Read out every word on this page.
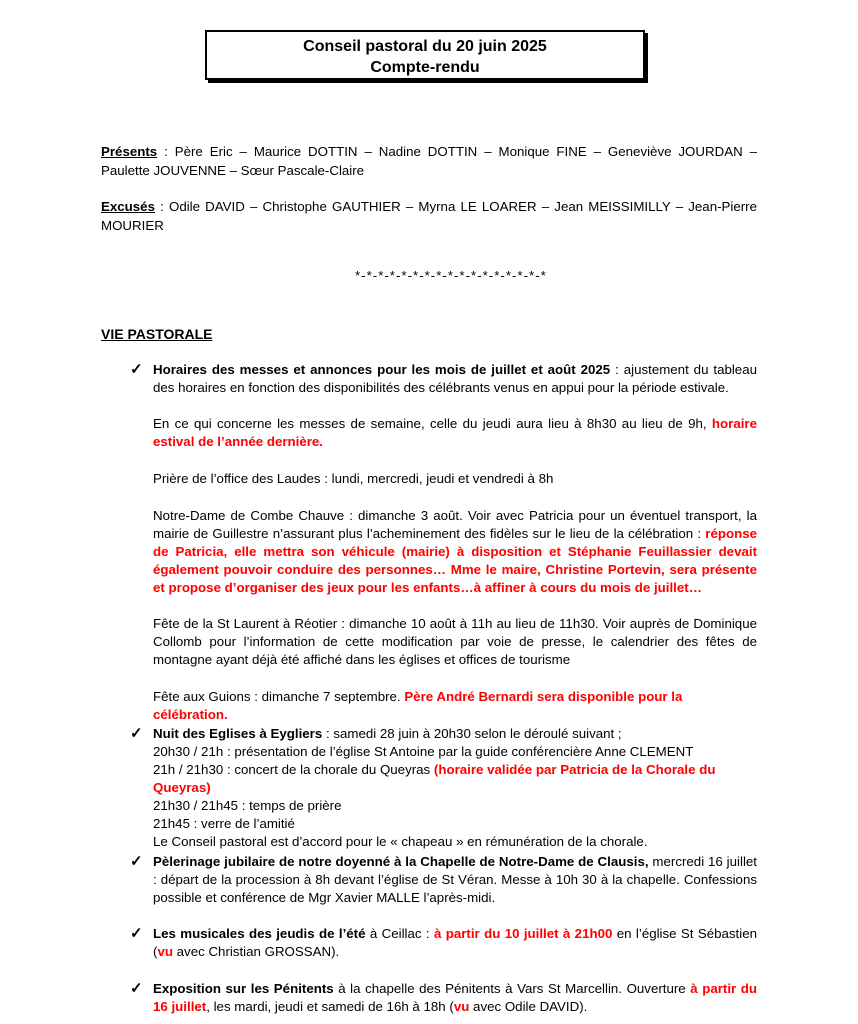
Conseil pastoral du 20 juin 2025
Compte-rendu

Présents : Père Eric – Maurice DOTTIN – Nadine DOTTIN – Monique FINE – Geneviève JOURDAN – Paulette JOUVENNE – Sœur Pascale-Claire

Excusés : Odile DAVID – Christophe GAUTHIER – Myrna LE LOARER – Jean MEISSIMILLY – Jean-Pierre MOURIER

*-*-*-*-*-*-*-*-*-*-*-*-*-*-*-*-*
VIE PASTORALE
✓ Horaires des messes et annonces pour les mois de juillet et août 2025 : ajustement du tableau des horaires en fonction des disponibilités des célébrants venus en appui pour la période estivale.

En ce qui concerne les messes de semaine, celle du jeudi aura lieu à 8h30 au lieu de 9h, horaire estival de l’année dernière.

Prière de l’office des Laudes : lundi, mercredi, jeudi et vendredi à 8h

Notre-Dame de Combe Chauve : dimanche 3 août. Voir avec Patricia pour un éventuel transport, la mairie de Guillestre n’assurant plus l’acheminement des fidèles sur le lieu de la célébration : réponse de Patricia, elle mettra son véhicule (mairie) à disposition et Stéphanie Feuillassier devait également pouvoir conduire des personnes… Mme le maire, Christine Portevin, sera présente et propose d’organiser des jeux pour les enfants…à affiner à cours du mois de juillet…

Fête de la St Laurent à Réotier : dimanche 10 août à 11h au lieu de 11h30. Voir auprès de Dominique Collomb pour l’information de cette modification par voie de presse, le calendrier des fêtes de montagne ayant déjà été affiché dans les églises et offices de tourisme

Fête aux Guions : dimanche 7 septembre. Père André Bernardi sera disponible pour la célébration.

✓ Nuit des Eglises à Eygliers : samedi 28 juin à 20h30 selon le déroulé suivant ;

20h30 / 21h : présentation de l’église St Antoine par la guide conférencière Anne CLEMENT

21h / 21h30 : concert de la chorale du Queyras (horaire validée par Patricia de la Chorale du Queyras)

21h30 / 21h45 : temps de prière

21h45 : verre de l’amitié

Le Conseil pastoral est d’accord pour le « chapeau » en rémunération de la chorale.

✓ Pèlerinage jubilaire de notre doyenné à la Chapelle de Notre-Dame de Clausis, mercredi 16 juillet : départ de la procession à 8h devant l’église de St Véran. Messe à 10h 30 à la chapelle. Confessions possible et conférence de Mgr Xavier MALLE l’après-midi.

✓ Les musicales des jeudis de l’été à Ceillac : à partir du 10 juillet à 21h00 en l’église St Sébastien (vu avec Christian GROSSAN).

✓ Exposition sur les Pénitents à la chapelle des Pénitents à Vars St Marcellin. Ouverture à partir du 16 juillet, les mardi, jeudi et samedi de 16h à 18h (vu avec Odile DAVID).
